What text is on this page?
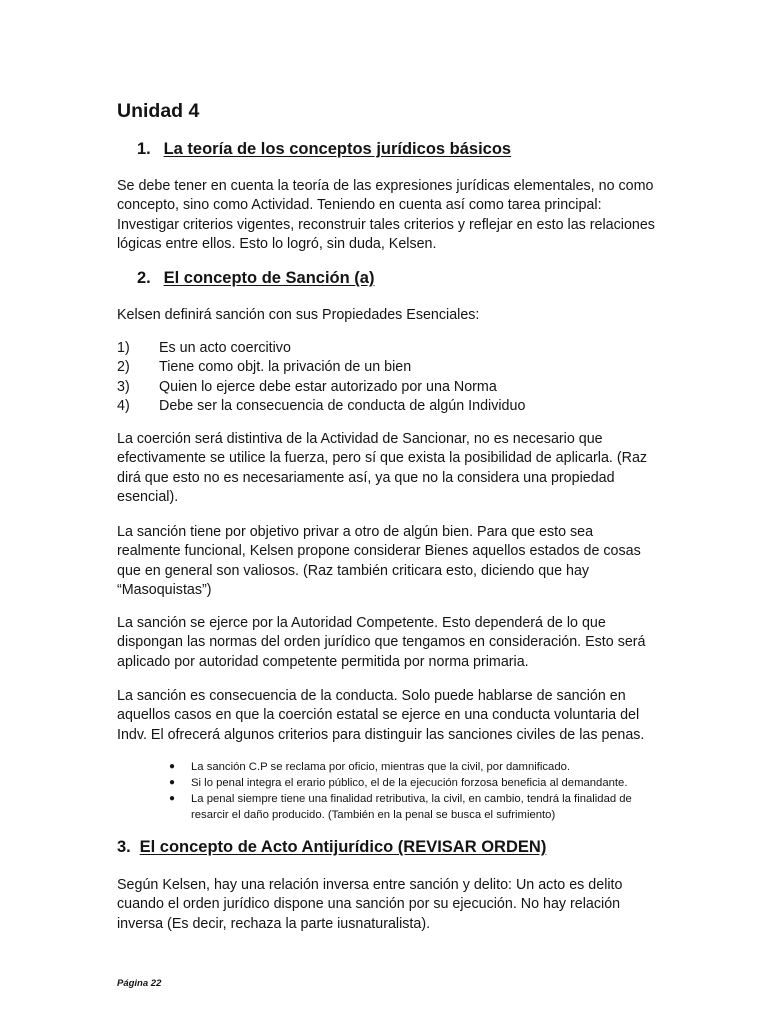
Unidad 4
1. La teoría de los conceptos jurídicos básicos

Se debe tener en cuenta la teoría de las expresiones jurídicas elementales, no como concepto, sino como Actividad. Teniendo en cuenta así como tarea principal: Investigar criterios vigentes, reconstruir tales criterios y reflejar en esto las relaciones lógicas entre ellos. Esto lo logró, sin duda, Kelsen.

2. El concepto de Sanción (a)

Kelsen definirá sanción con sus Propiedades Esenciales:

1) Es un acto coercitivo
2) Tiene como objt. la privación de un bien
3) Quien lo ejerce debe estar autorizado por una Norma
4) Debe ser la consecuencia de conducta de algún Individuo

La coerción será distintiva de la Actividad de Sancionar, no es necesario que efectivamente se utilice la fuerza, pero sí que exista la posibilidad de aplicarla. (Raz dirá que esto no es necesariamente así, ya que no la considera una propiedad esencial).

La sanción tiene por objetivo privar a otro de algún bien. Para que esto sea realmente funcional, Kelsen propone considerar Bienes aquellos estados de cosas que en general son valiosos. (Raz también criticara esto, diciendo que hay “Masoquistas”)

La sanción se ejerce por la Autoridad Competente. Esto dependerá de lo que dispongan las normas del orden jurídico que tengamos en consideración. Esto será aplicado por autoridad competente permitida por norma primaria.

La sanción es consecuencia de la conducta. Solo puede hablarse de sanción en aquellos casos en que la coerción estatal se ejerce en una conducta voluntaria del Indv. El ofrecerá algunos criterios para distinguir las sanciones civiles de las penas.

● La sanción C.P se reclama por oficio, mientras que la civil, por damnificado.
● Si lo penal integra el erario público, el de la ejecución forzosa beneficia al demandante.
● La penal siempre tiene una finalidad retributiva, la civil, en cambio, tendrá la finalidad de resarcir el daño producido. (También en la penal se busca el sufrimiento)
3. El concepto de Acto Antijurídico (REVISAR ORDEN)

Según Kelsen, hay una relación inversa entre sanción y delito: Un acto es delito cuando el orden jurídico dispone una sanción por su ejecución. No hay relación inversa (Es decir, rechaza la parte iusnaturalista).

Página 22
